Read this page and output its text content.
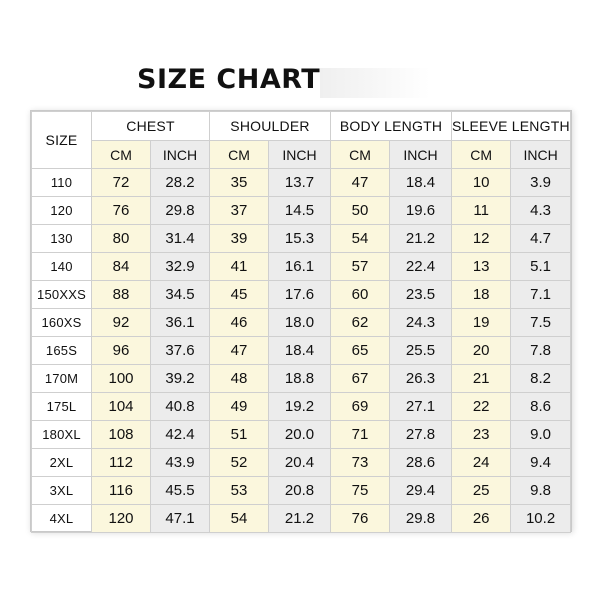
SIZE CHART
SIZE	CHEST		SHOULDER		BODY LENGTH		SLEEVE LENGTH	
	CM	INCH	CM	INCH	CM	INCH	CM	INCH
110	72	28.2	35	13.7	47	18.4	10	3.9
120	76	29.8	37	14.5	50	19.6	11	4.3
130	80	31.4	39	15.3	54	21.2	12	4.7
140	84	32.9	41	16.1	57	22.4	13	5.1
150XXS	88	34.5	45	17.6	60	23.5	18	7.1
160XS	92	36.1	46	18.0	62	24.3	19	7.5
165S	96	37.6	47	18.4	65	25.5	20	7.8
170M	100	39.2	48	18.8	67	26.3	21	8.2
175L	104	40.8	49	19.2	69	27.1	22	8.6
180XL	108	42.4	51	20.0	71	27.8	23	9.0
2XL	112	43.9	52	20.4	73	28.6	24	9.4
3XL	116	45.5	53	20.8	75	29.4	25	9.8
4XL	120	47.1	54	21.2	76	29.8	26	10.2
